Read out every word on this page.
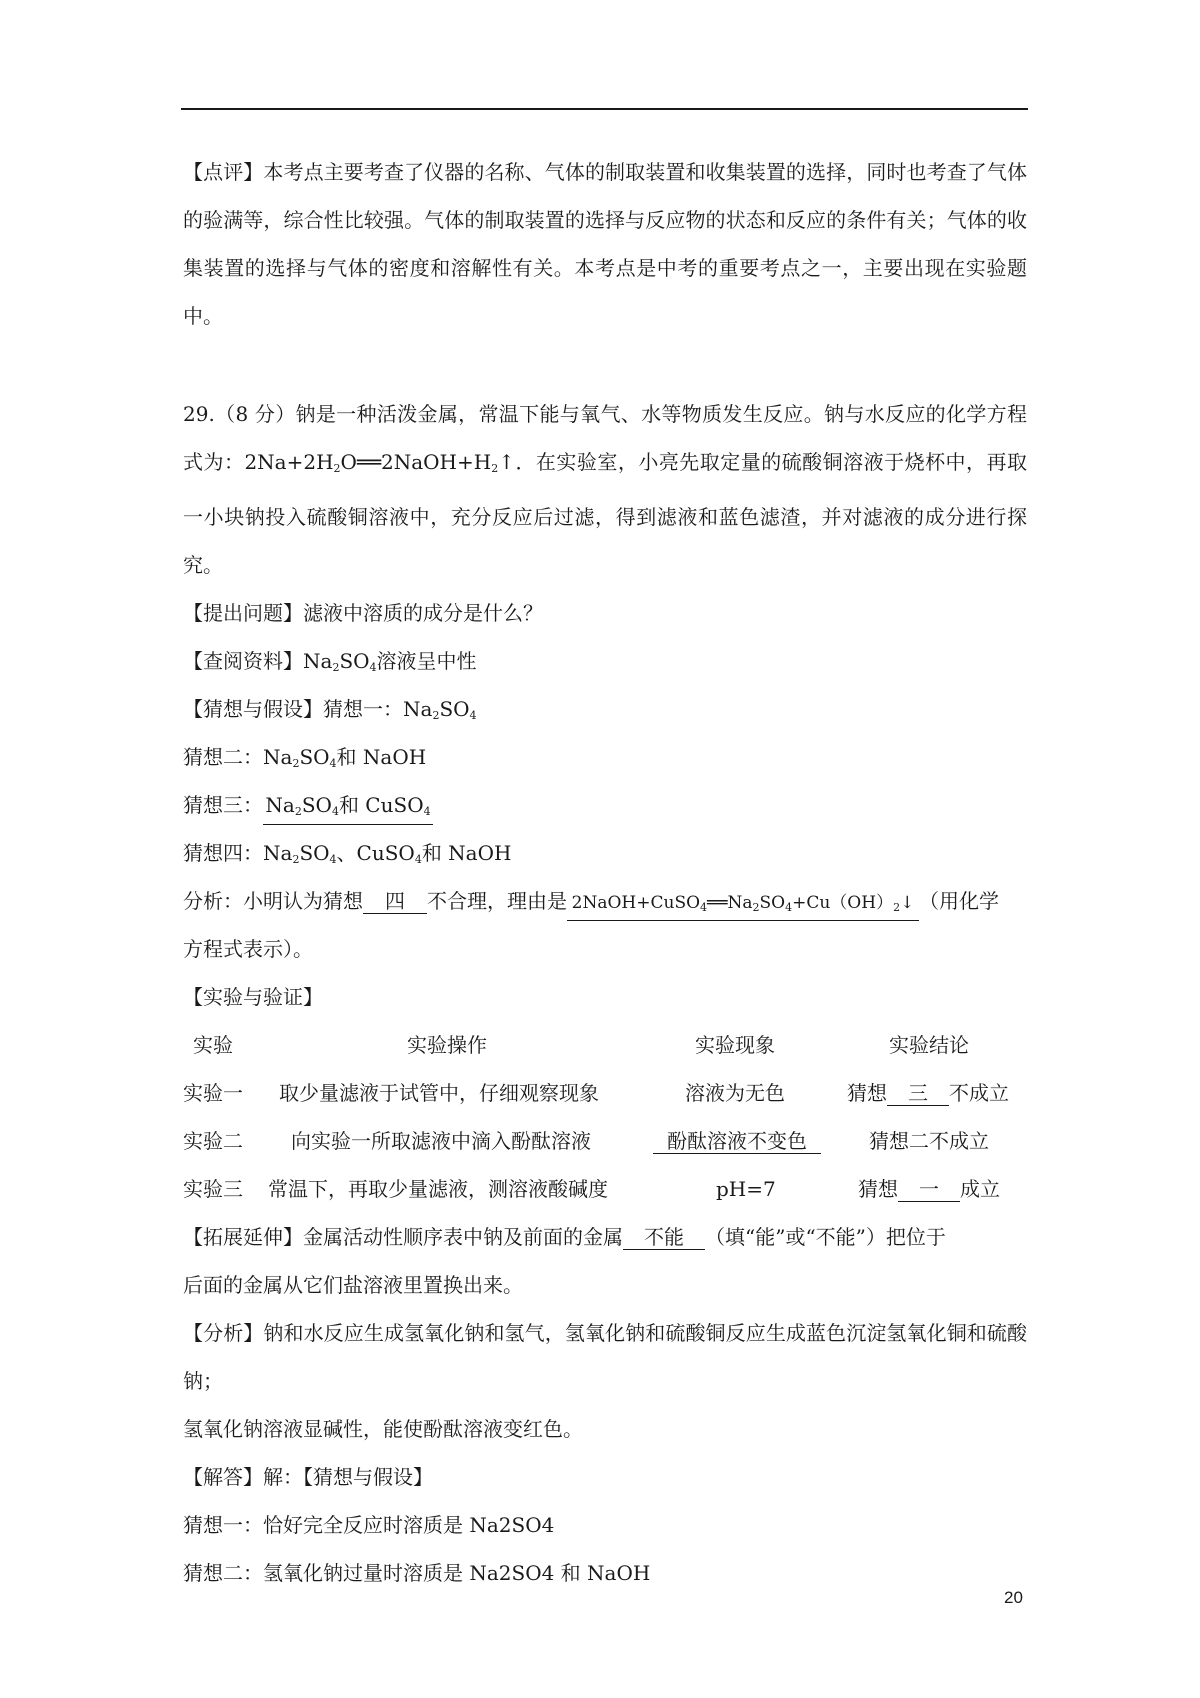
【点评】本考点主要考查了仪器的名称、气体的制取装置和收集装置的选择，同时也考查了气体的验满等，综合性比较强。气体的制取装置的选择与反应物的状态和反应的条件有关；气体的收集装置的选择与气体的密度和溶解性有关。本考点是中考的重要考点之一，主要出现在实验题中。

29.（8 分）钠是一种活泼金属，常温下能与氧气、水等物质发生反应。钠与水反应的化学方程式为：$2Na+2H_2O══2NaOH+H_2↑$．在实验室，小亮先取定量的硫酸铜溶液于烧杯中，再取一小块钠投入硫酸铜溶液中，充分反应后过滤，得到滤液和蓝色滤渣，并对滤液的成分进行探究。

【提出问题】滤液中溶质的成分是什么？

【查阅资料】$Na_2SO_4$溶液呈中性

【猜想与假设】猜想一：$Na_2SO_4$

猜想二：$Na_2SO_4$和 NaOH

猜想三： $Na_2SO_4$和 CuSO$_4$

猜想四：$Na_2SO_4$、CuSO$_4$和 NaOH

分析：小明认为猜想 四 不合理，理由是 $2NaOH+CuSO_4══Na_2SO_4+Cu(OH)_2↓$ （用化学

方程式表示）。

【实验与验证】

实验	实验操作	实验现象	实验结论
实验一 取少量滤液于试管中，仔细观察现象	溶液为无色	猜想 三 不成立
实验二 向实验一所取滤液中滴入酚酞溶液	酚酞溶液不变色	猜想二不成立
实验三 常温下，再取少量滤液，测溶液酸碱度	pH=7	猜想 一 成立

【拓展延伸】金属活动性顺序表中钠及前面的金属 不能 （填“能”或“不能”）把位于

后面的金属从它们盐溶液里置换出来。

【分析】钠和水反应生成氢氧化钠和氢气，氢氧化钠和硫酸铜反应生成蓝色沉淀氢氧化铜和硫酸钠；

氢氧化钠溶液显碱性，能使酚酞溶液变红色。

【解答】解：【猜想与假设】

猜想一：恰好完全反应时溶质是 Na2SO4

猜想二：氢氧化钠过量时溶质是 Na2SO4 和 NaOH

20
